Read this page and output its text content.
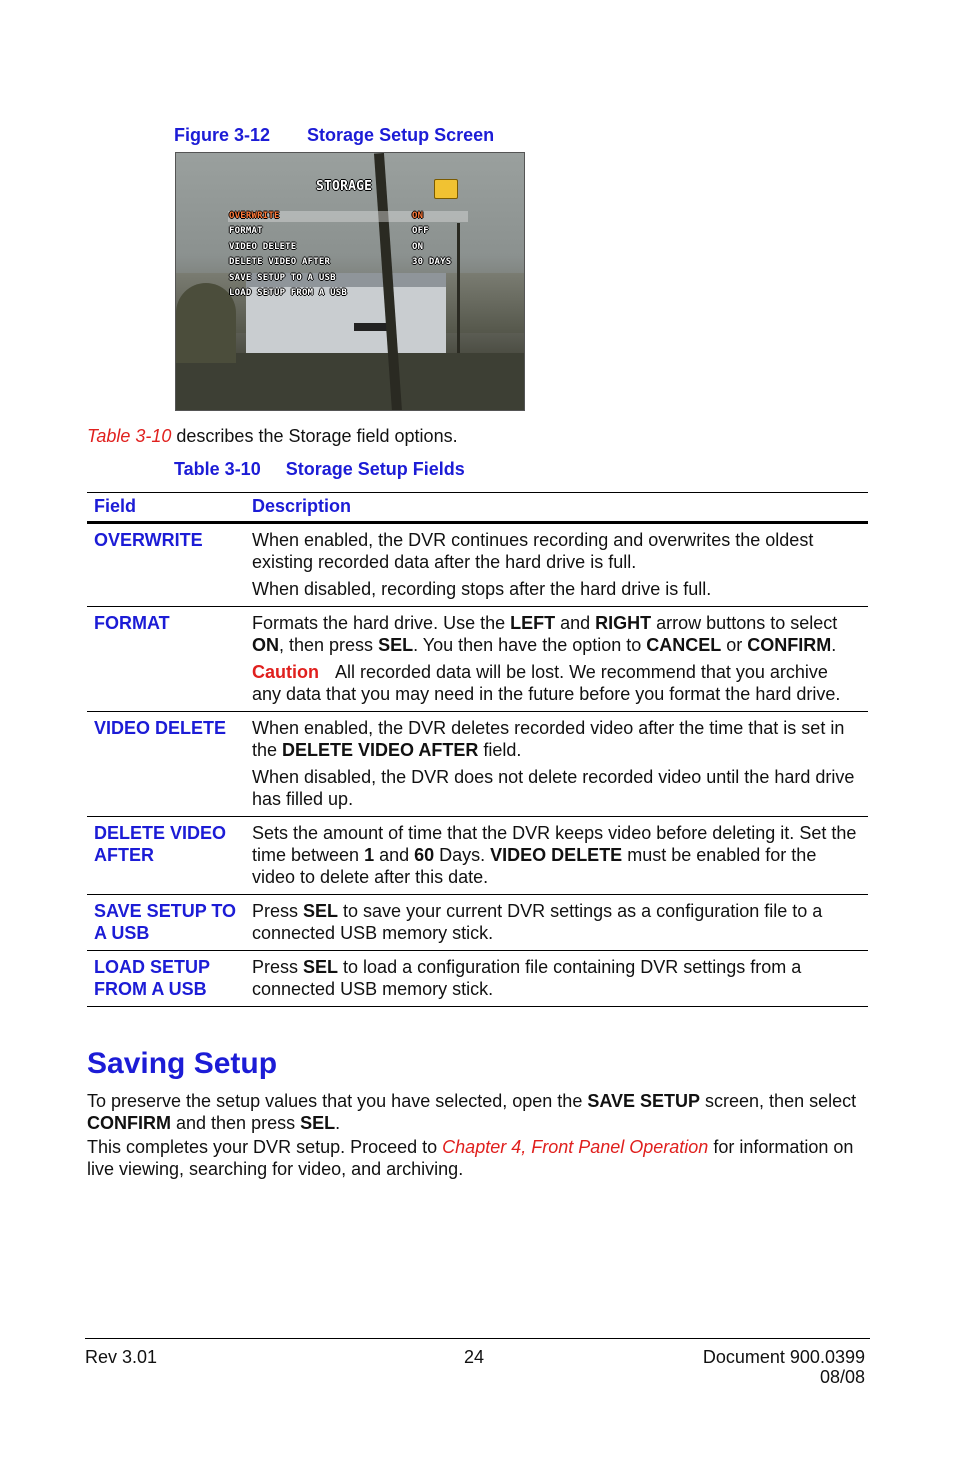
Figure 3-12 Storage Setup Screen
STORAGE
OVERWRITE	ON
FORMAT	OFF
VIDEO DELETE	ON
DELETE VIDEO AFTER	30 DAYS
SAVE SETUP TO A USB
LOAD SETUP FROM A USB
Table 3-10 describes the Storage field options.
Table 3-10 Storage Setup Fields
Field	Description
OVERWRITE	When enabled, the DVR continues recording and overwrites the oldest existing recorded data after the hard drive is full.

When disabled, recording stops after the hard drive is full.

FORMAT	Formats the hard drive. Use the LEFT and RIGHT arrow buttons to select ON, then press SEL. You then have the option to CANCEL or CONFIRM.

Caution All recorded data will be lost. We recommend that you archive any data that you may need in the future before you format the hard drive.

VIDEO DELETE	When enabled, the DVR deletes recorded video after the time that is set in the DELETE VIDEO AFTER field.

When disabled, the DVR does not delete recorded video until the hard drive has filled up.

DELETE VIDEO AFTER	Sets the amount of time that the DVR keeps video before deleting it. Set the time between 1 and 60 Days. VIDEO DELETE must be enabled for the video to delete after this date.

SAVE SETUP TO A USB	Press SEL to save your current DVR settings as a configuration file to a connected USB memory stick.

LOAD SETUP FROM A USB	Press SEL to load a configuration file containing DVR settings from a connected USB memory stick.

Saving Setup
To preserve the setup values that you have selected, open the SAVE SETUP screen, then select CONFIRM and then press SEL.
This completes your DVR setup. Proceed to Chapter 4, Front Panel Operation for information on live viewing, searching for video, and archiving.
Rev 3.01	24	Document 900.0399
08/08
